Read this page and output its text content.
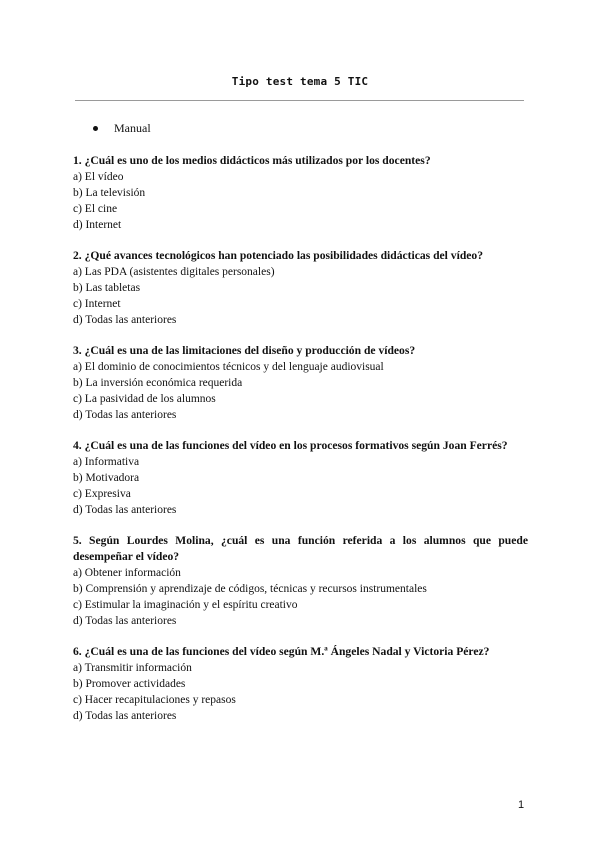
Tipo test tema 5 TIC
Manual
1. ¿Cuál es uno de los medios didácticos más utilizados por los docentes?
a) El vídeo
b) La televisión
c) El cine
d) Internet
2. ¿Qué avances tecnológicos han potenciado las posibilidades didácticas del vídeo?
a) Las PDA (asistentes digitales personales)
b) Las tabletas
c) Internet
d) Todas las anteriores
3. ¿Cuál es una de las limitaciones del diseño y producción de vídeos?
a) El dominio de conocimientos técnicos y del lenguaje audiovisual
b) La inversión económica requerida
c) La pasividad de los alumnos
d) Todas las anteriores
4. ¿Cuál es una de las funciones del vídeo en los procesos formativos según Joan Ferrés?
a) Informativa
b) Motivadora
c) Expresiva
d) Todas las anteriores
5. Según Lourdes Molina, ¿cuál es una función referida a los alumnos que puede desempeñar el vídeo?
a) Obtener información
b) Comprensión y aprendizaje de códigos, técnicas y recursos instrumentales
c) Estimular la imaginación y el espíritu creativo
d) Todas las anteriores
6. ¿Cuál es una de las funciones del vídeo según M.ª Ángeles Nadal y Victoria Pérez?
a) Transmitir información
b) Promover actividades
c) Hacer recapitulaciones y repasos
d) Todas las anteriores
1
